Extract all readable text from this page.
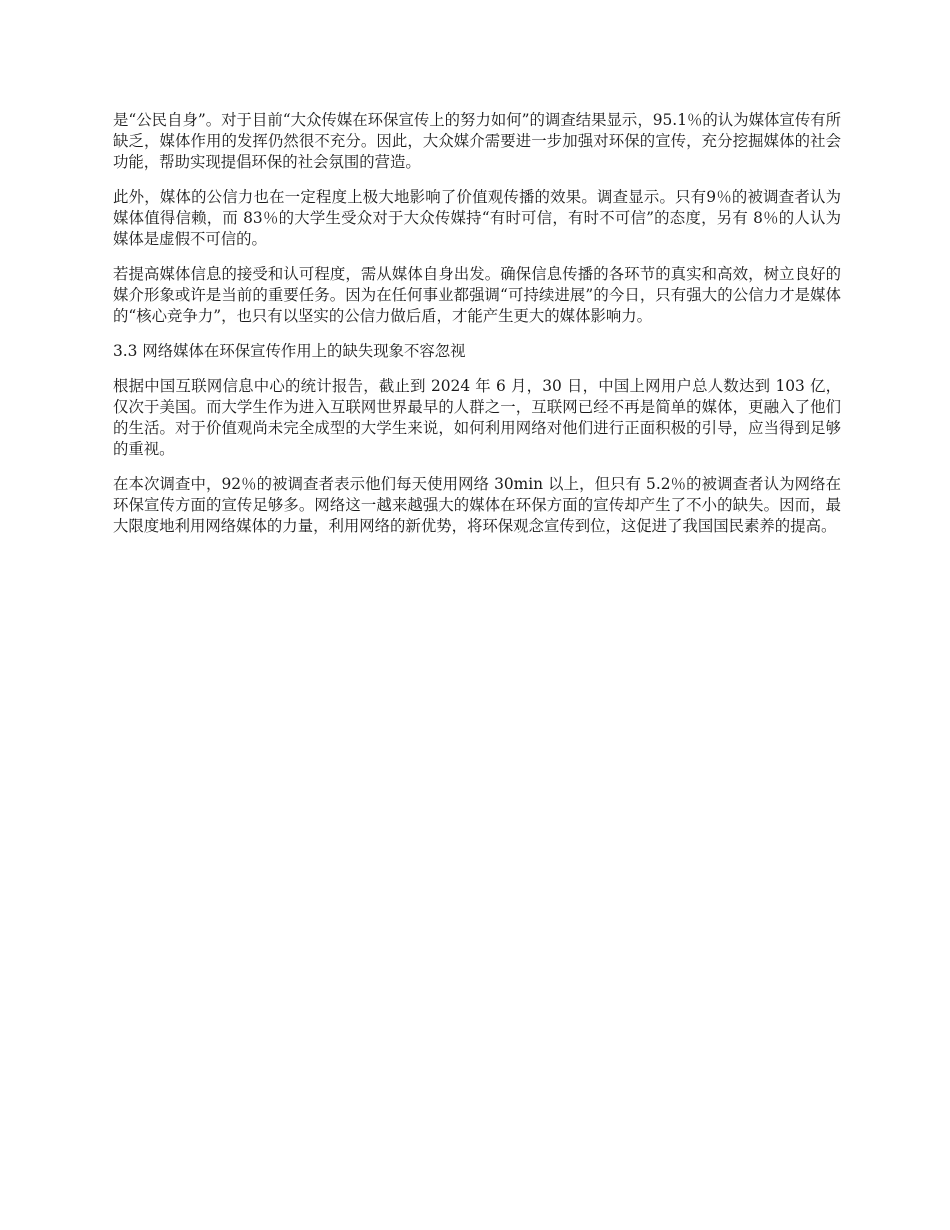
是“公民自身”。对于目前“大众传媒在环保宣传上的努力如何”的调查结果显示，95.1％的认为媒体宣传有所缺乏，媒体作用的发挥仍然很不充分。因此，大众媒介需要进一步加强对环保的宣传，充分挖掘媒体的社会功能，帮助实现提倡环保的社会氛围的营造。

此外，媒体的公信力也在一定程度上极大地影响了价值观传播的效果。调查显示。只有9％的被调查者认为媒体值得信赖，而 83％的大学生受众对于大众传媒持“有时可信，有时不可信”的态度，另有 8％的人认为媒体是虚假不可信的。

若提高媒体信息的接受和认可程度，需从媒体自身出发。确保信息传播的各环节的真实和高效，树立良好的媒介形象或许是当前的重要任务。因为在任何事业都强调“可持续进展”的今日，只有强大的公信力才是媒体的“核心竞争力”，也只有以坚实的公信力做后盾，才能产生更大的媒体影响力。

3.3 网络媒体在环保宣传作用上的缺失现象不容忽视

根据中国互联网信息中心的统计报告，截止到 2024 年 6 月，30 日，中国上网用户总人数达到 103 亿，仅次于美国。而大学生作为进入互联网世界最早的人群之一，互联网已经不再是简单的媒体，更融入了他们的生活。对于价值观尚未完全成型的大学生来说，如何利用网络对他们进行正面积极的引导，应当得到足够的重视。

在本次调查中，92％的被调查者表示他们每天使用网络 30min 以上，但只有 5.2％的被调查者认为网络在环保宣传方面的宣传足够多。网络这一越来越强大的媒体在环保方面的宣传却产生了不小的缺失。因而，最大限度地利用网络媒体的力量，利用网络的新优势，将环保观念宣传到位，这促进了我国国民素养的提高。
